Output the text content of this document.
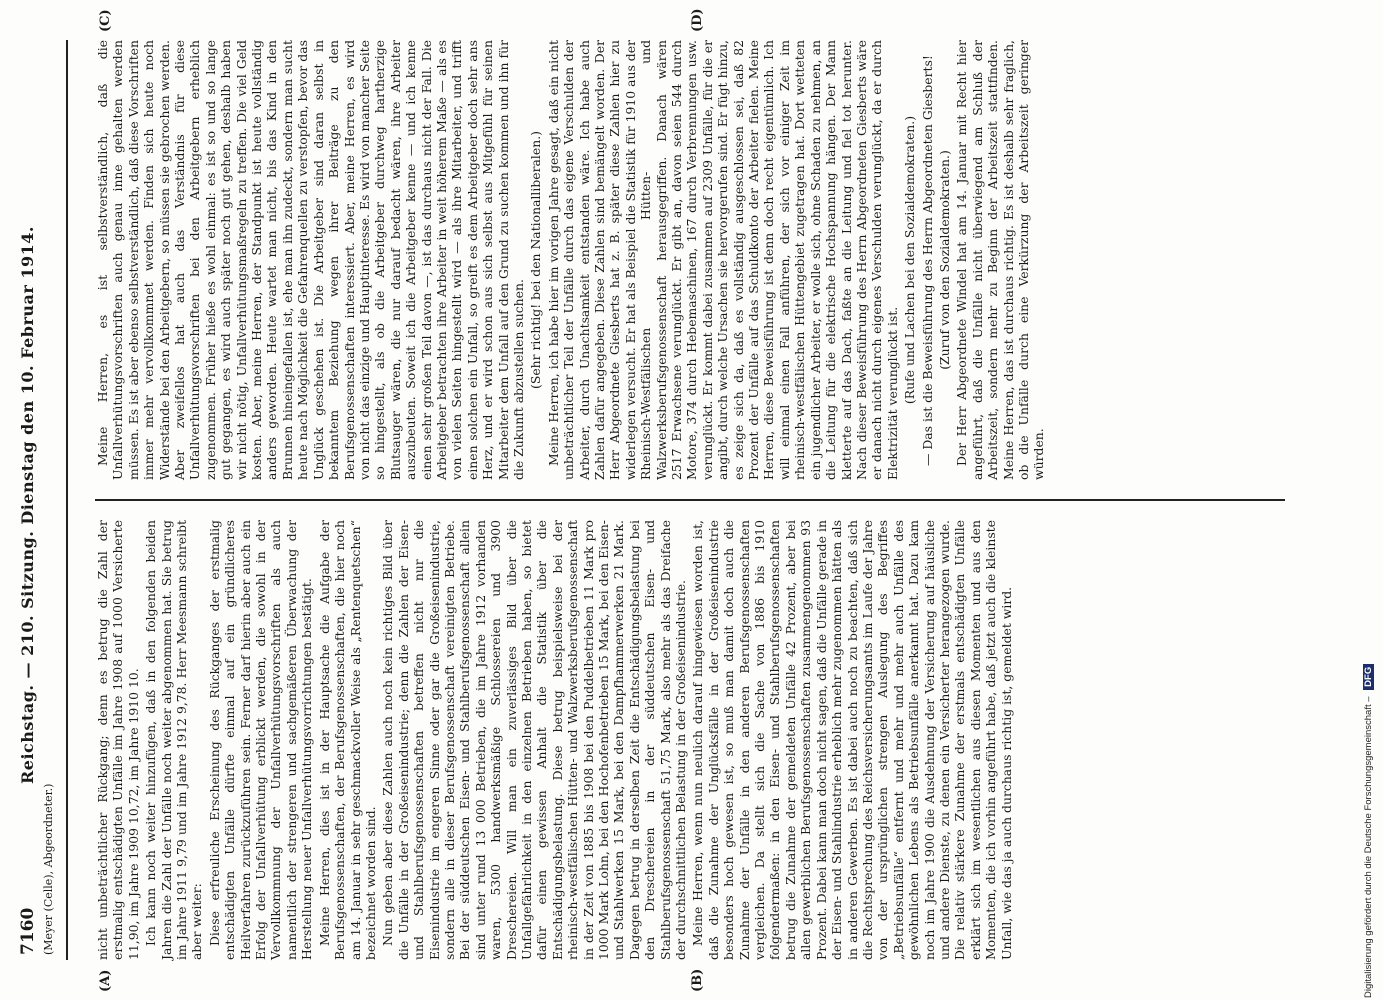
7160
Reichstag. — 210. Sitzung. Dienstag den 10. Februar 1914.
(Meyer (Celle), Abgeordneter.)
(A)	(B)
(C)	(D)

nicht unbeträchtlicher Rückgang; denn es betrug die Zahl der erstmalig entschädigten Unfälle im Jahre 1908 auf 1000 Versicherte 11,90, im Jahre 1909 10,72, im Jahre 1910 10. Ich kann noch weiter hinzufügen, daß in den folgenden beiden Jahren die Zahl der Unfälle noch weiter abgenommen hat. Sie betrug im Jahre 1911 9,79 und im Jahre 1912 9,78. Herr Meesmann schreibt aber weiter: Diese erfreuliche Erscheinung des Rückganges der erstmalig entschädigten Unfälle dürfte einmal auf ein gründlicheres Heilverfahren zurückzuführen sein. Ferner darf hierin aber auch ein Erfolg der Unfallverhütung erblickt werden, die sowohl in der Vervollkommnung der Unfallverhütungsvorschriften als auch namentlich der strengeren und sachgemäßeren Überwachung der Herstellung neuer Unfallverhütungsvorrichtungen bestätigt. Meine Herren, dies ist in der Hauptsache die Aufgabe der Berufsgenossenschaften, der Berufsgenossenschaften, die hier noch am 14. Januar in sehr geschmackvoller Weise als „Rentenquetschen“ bezeichnet worden sind. Nun geben aber diese Zahlen auch noch kein richtiges Bild über die Unfälle in der Großeisenindustrie; denn die Zahlen der Eisen- und Stahlberufsgenossenschaften betreffen nicht nur die Eisenindustrie im engeren Sinne oder gar die Großeisenindustrie, sondern alle in dieser Berufsgenossenschaft vereinigten Betriebe. Bei der süddeutschen Eisen- und Stahlberufsgenossenschaft allein sind unter rund 13 000 Betrieben, die im Jahre 1912 vorhanden waren, 5300 handwerksmäßige Schlossereien und 3900 Dreschereien. Will man ein zuverlässiges Bild über die Unfallgefährlichkeit in den einzelnen Betrieben haben, so bietet dafür einen gewissen Anhalt die Statistik über die Entschädigungsbelastung. Diese betrug beispielsweise bei der rheinisch-westfälischen Hütten- und Walzwerksberufsgenossenschaft in der Zeit von 1885 bis 1908 bei den Puddelbetrieben 11 Mark pro 1000 Mark Lohn, bei den Hochofenbetrieben 15 Mark, bei den Eisen- und Stahlwerken 15 Mark, bei den Dampfhammerwerken 21 Mark. Dagegen betrug in derselben Zeit die Entschädigungsbelastung bei den Dreschereien in der süddeutschen Eisen- und Stahlberufsgenossenschaft 51,75 Mark, also mehr als das Dreifache der durchschnittlichen Belastung in der Großeisenindustrie. Meine Herren, wenn nun neulich darauf hingewiesen worden ist, daß die Zunahme der Unglücksfälle in der Großeisenindustrie besonders hoch gewesen ist, so muß man damit doch auch die Zunahme der Unfälle in den anderen Berufsgenossenschaften vergleichen. Da stellt sich die Sache von 1886 bis 1910 folgendermaßen: in den Eisen- und Stahlberufsgenossenschaften betrug die Zunahme der gemeldeten Unfälle 42 Prozent, aber bei allen gewerblichen Berufsgenossenschaften zusammengenommen 93 Prozent. Dabei kann man doch nicht sagen, daß die Unfälle gerade in der Eisen- und Stahlindustrie erheblich mehr zugenommen hätten als in anderen Gewerben. Es ist dabei auch noch zu beachten, daß sich die Rechtsprechung des Reichsversicherungsamts im Laufe der Jahre von der ursprünglichen strengen Auslegung des Begriffes „Betriebsunfälle“ entfernt und mehr und mehr auch Unfälle des gewöhnlichen Lebens als Betriebsunfälle anerkannt hat. Dazu kam noch im Jahre 1900 die Ausdehnung der Versicherung auf häusliche und andere Dienste, zu denen ein Versicherter herangezogen wurde. Die relativ stärkere Zunahme der erstmals entschädigten Unfälle erklärt sich im wesentlichen aus diesen Momenten und aus den Momenten, die ich vorhin angeführt habe, daß jetzt auch die kleinste Unfall, wie das ja auch durchaus richtig ist, gemeldet wird.

Meine Herren, es ist selbstverständlich, daß die Unfallverhütungsvorschriften auch genau inne gehalten werden müssen. Es ist aber ebenso selbstverständlich, daß diese Vorschriften immer mehr vervollkommnet werden. Finden sich heute noch Widerstände bei den Arbeitgebern, so müssen sie gebrochen werden. Aber zweifellos hat auch das Verständnis für diese Unfallverhütungsvorschriften bei den Arbeitgebern erheblich zugenommen. Früher hieße es wohl einmal: es ist so und so lange gut gegangen, es wird auch später noch gut gehen, deshalb haben wir nicht nötig, Unfallverhütungsmaßregeln zu treffen. Die viel Geld kosten. Aber, meine Herren, der Standpunkt ist heute vollständig anders geworden. Heute wartet man nicht, bis das Kind in den Brunnen hineingefallen ist, ehe man ihn zudeckt, sondern man sucht heute nach Möglichkeit die Gefahrenquellen zu verstopfen, bevor das Unglück geschehen ist. Die Arbeitgeber sind daran selbst in bekanntem Beziehung wegen ihrer Beiträge zu den Berufsgenossenschaften interessiert. Aber, meine Herren, es wird von nicht das einzige und Hauptinteresse. Es wird von mancher Seite so hingestellt, als ob die Arbeitgeber durchweg hartherzige Blutsauger wären, die nur darauf bedacht wären, ihre Arbeiter auszubeuten. Soweit ich die Arbeitgeber kenne — und ich kenne einen sehr großen Teil davon —, ist das durchaus nicht der Fall. Die Arbeitgeber betrachten ihre Arbeiter in weit höherem Maße — als es von vielen Seiten hingestellt wird — als ihre Mitarbeiter, und trifft einen solchen ein Unfall, so greift es dem Arbeitgeber doch sehr ans Herz, und er wird schon aus sich selbst aus Mitgefühl für seinen Mitarbeiter dem Unfall auf den Grund zu suchen kommen und ihn für die Zukunft abzustellen suchen. (Sehr richtig! bei den Nationalliberalen.) Meine Herren, ich habe hier im vorigen Jahre gesagt, daß ein nicht unbeträchtlicher Teil der Unfälle durch das eigene Verschulden der Arbeiter, durch Unachtsamkeit entstanden wäre. Ich habe auch Zahlen dafür angegeben. Diese Zahlen sind bemängelt worden. Der Herr Abgeordnete Giesberts hat z. B. später diese Zahlen hier zu widerlegen versucht. Er hat als Beispiel die Statistik für 1910 aus der Rheinisch-Westfälischen Hütten- und Walzwerksberufsgenossenschaft herausgegriffen. Danach wären 2517 Erwachsene verunglückt. Er gibt an, davon seien 544 durch Motore, 374 durch Hebemaschinen, 167 durch Verbrennungen usw. verunglückt. Er kommt dabei zusammen auf 2309 Unfälle, für die er angibt, durch welche Ursachen sie hervorgerufen sind. Er fügt hinzu, es zeige sich da, daß es vollständig ausgeschlossen sei, daß 82 Prozent der Unfälle auf das Schuldkonto der Arbeiter fielen. Meine Herren, diese Beweisführung ist denn doch recht eigentümlich. Ich will einmal einen Fall anführen, der sich vor einiger Zeit im rheinisch-westfälischen Hüttengebiet zugetragen hat. Dort wetteten ein jugendlicher Arbeiter, er wolle sich, ohne Schaden zu nehmen, an die Leitung für die elektrische Hochspannung hängen. Der Mann kletterte auf das Dach, faßte an die Leitung und fiel tot herunter. Nach dieser Beweisführung des Herrn Abgeordneten Giesberts wäre er danach nicht durch eigenes Verschulden verunglückt, da er durch Elektrizität verunglückt ist. (Rufe und Lachen bei den Sozialdemokraten.) — Das ist die Beweisführung des Herrn Abgeordneten Giesberts! (Zuruf von den Sozialdemokraten.) Der Herr Abgeordnete Windel hat am 14. Januar mit Recht hier angeführt, daß die Unfälle nicht überwiegend am Schluß der Arbeitszeit, sondern mehr zu Beginn der Arbeitszeit stattfinden. Meine Herren, das ist durchaus richtig. Es ist deshalb sehr fraglich, ob die Unfälle durch eine Verkürzung der Arbeitszeit geringer würden.

Digitalisierung gefördert durch die Deutsche Forschungsgemeinschaft – DFG
